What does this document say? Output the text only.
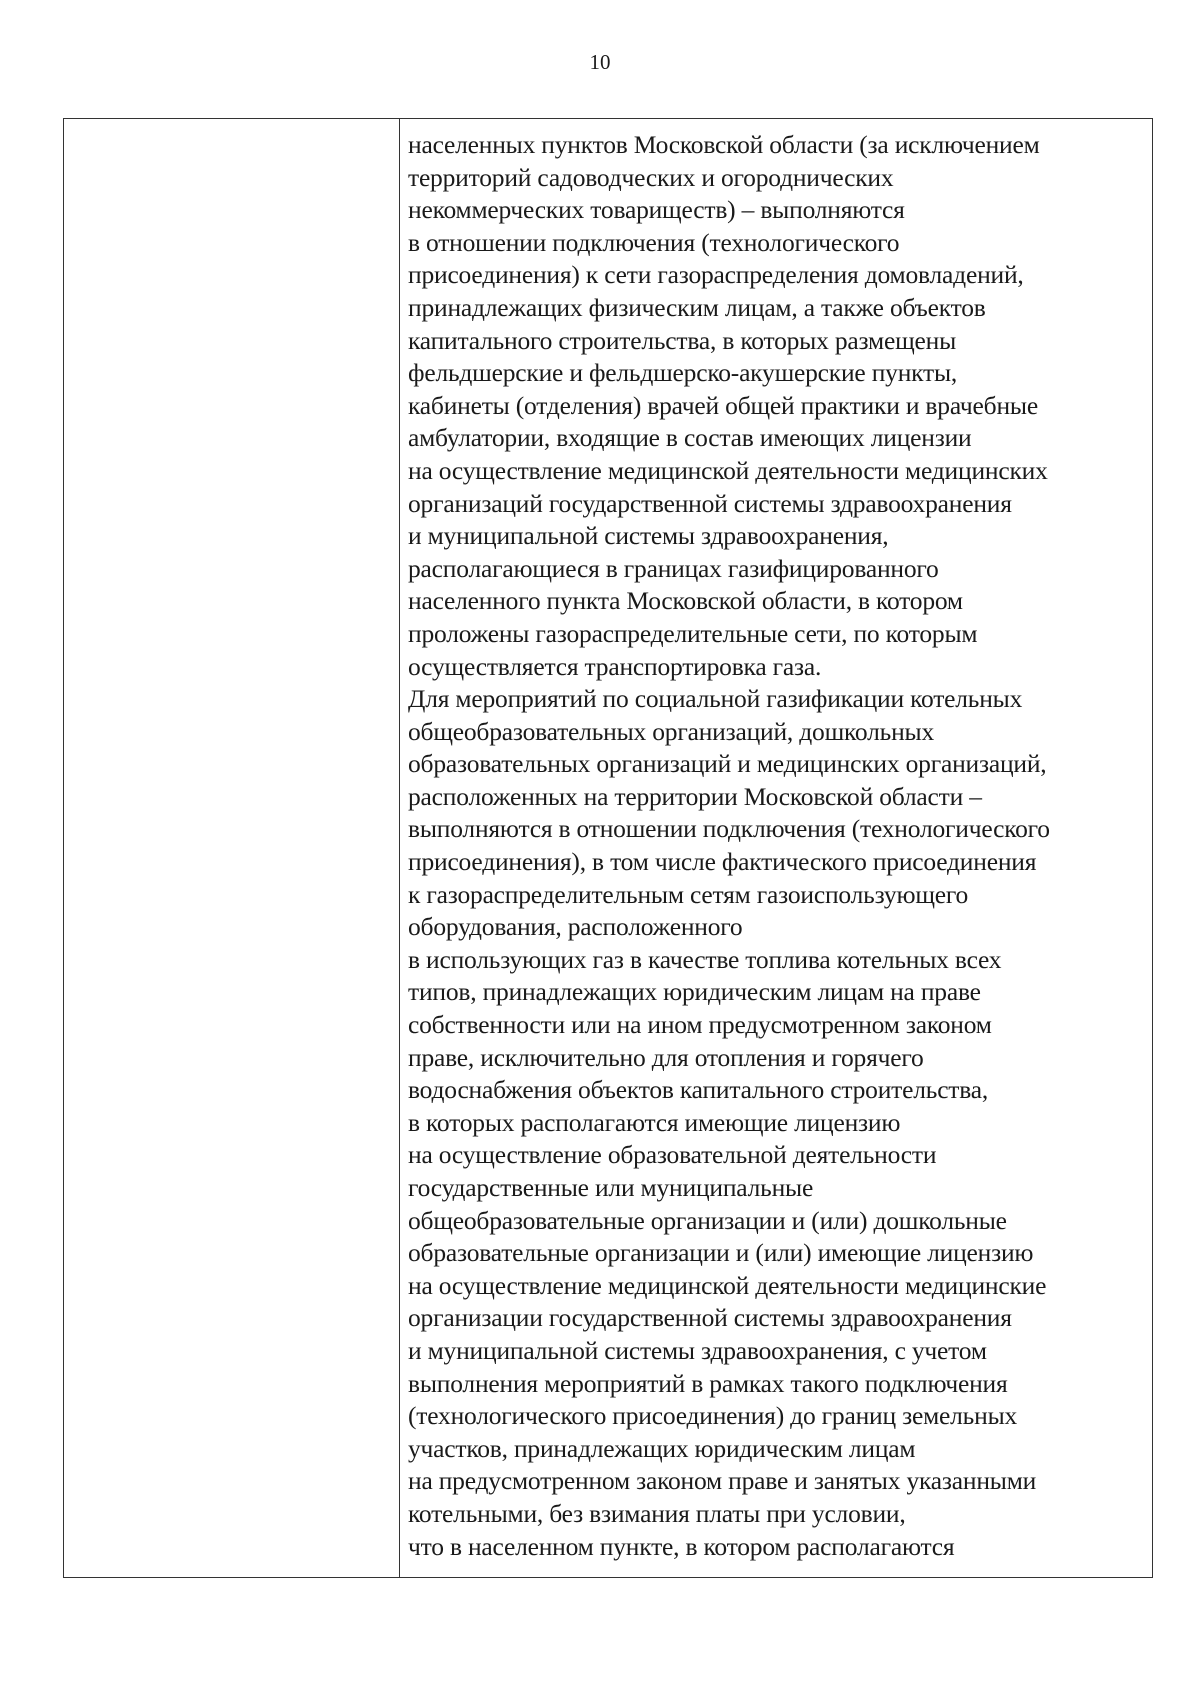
10
населенных пунктов Московской области (за исключением
территорий садоводческих и огороднических
некоммерческих товариществ) – выполняются
в отношении подключения (технологического
присоединения) к сети газораспределения домовладений,
принадлежащих физическим лицам, а также объектов
капитального строительства, в которых размещены
фельдшерские и фельдшерско-акушерские пункты,
кабинеты (отделения) врачей общей практики и врачебные
амбулатории, входящие в состав имеющих лицензии
на осуществление медицинской деятельности медицинских
организаций государственной системы здравоохранения
и муниципальной системы здравоохранения,
располагающиеся в границах газифицированного
населенного пункта Московской области, в котором
проложены газораспределительные сети, по которым
осуществляется транспортировка газа.
Для мероприятий по социальной газификации котельных
общеобразовательных организаций, дошкольных
образовательных организаций и медицинских организаций,
расположенных на территории Московской области –
выполняются в отношении подключения (технологического
присоединения), в том числе фактического присоединения
к газораспределительным сетям газоиспользующего
оборудования, расположенного
в использующих газ в качестве топлива котельных всех
типов, принадлежащих юридическим лицам на праве
собственности или на ином предусмотренном законом
праве, исключительно для отопления и горячего
водоснабжения объектов капитального строительства,
в которых располагаются имеющие лицензию
на осуществление образовательной деятельности
государственные или муниципальные
общеобразовательные организации и (или) дошкольные
образовательные организации и (или) имеющие лицензию
на осуществление медицинской деятельности медицинские
организации государственной системы здравоохранения
и муниципальной системы здравоохранения, с учетом
выполнения мероприятий в рамках такого подключения
(технологического присоединения) до границ земельных
участков, принадлежащих юридическим лицам
на предусмотренном законом праве и занятых указанными
котельными, без взимания платы при условии,
что в населенном пункте, в котором располагаются
